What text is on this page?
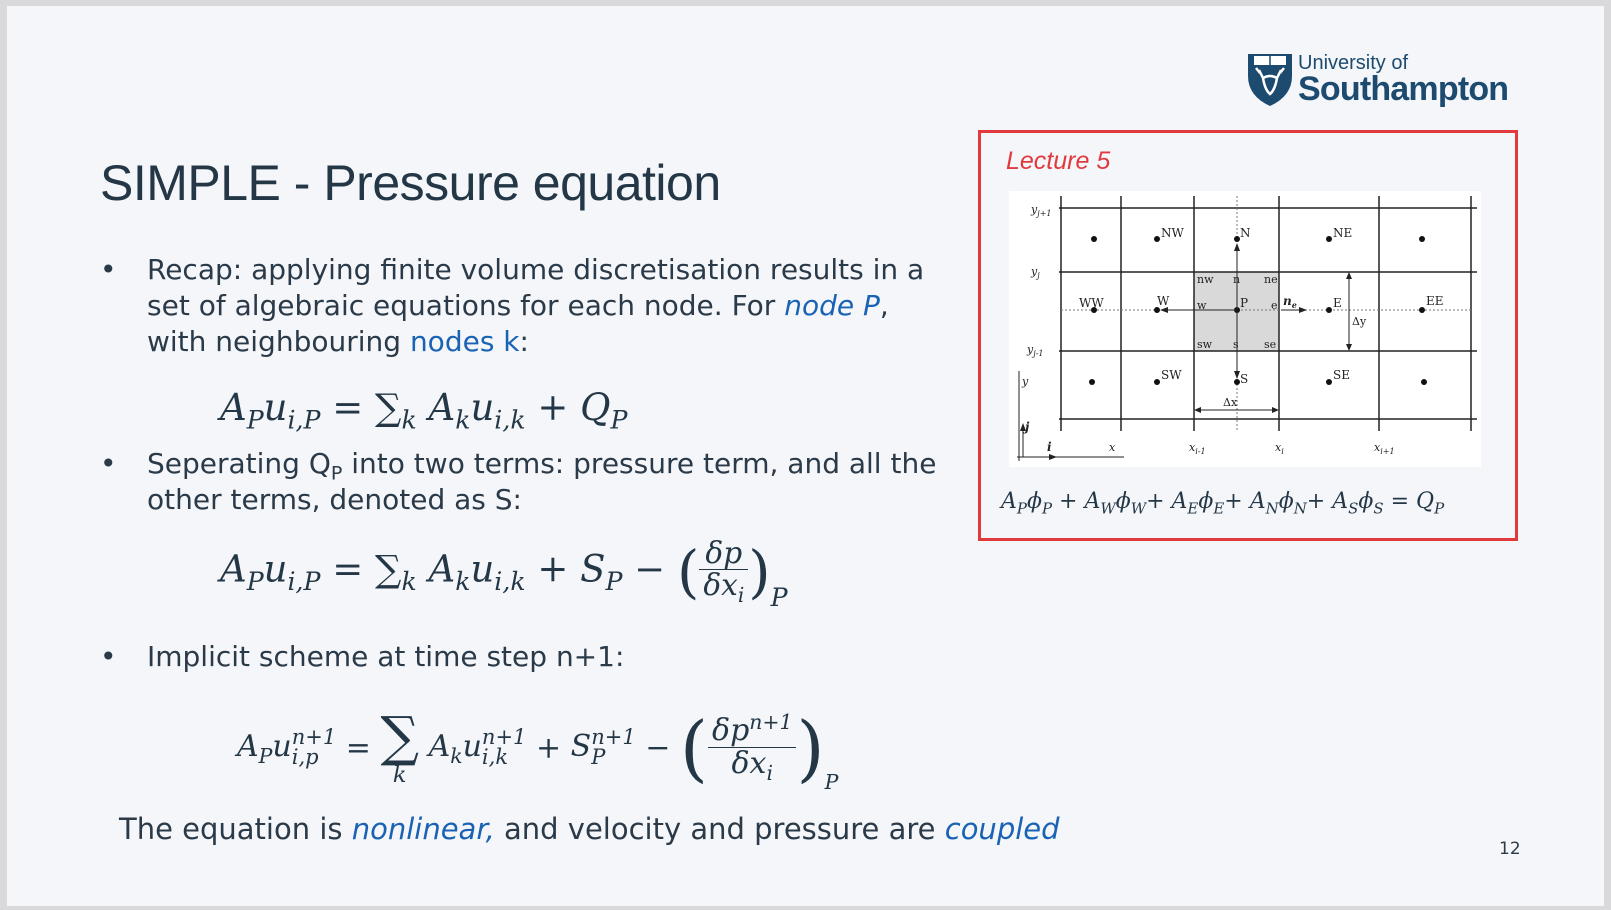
University of
Southampton
SIMPLE - Pressure equation
• Recap: applying finite volume discretisation results in a
set of algebraic equations for each node. For node P,
with neighbouring nodes k:
$A_Pu_{i,P} = \sum_k$ $A_ku_{i,k} + Q_P$
• Seperating $Q_P$ into two terms: pressure term, and all the
other terms, denoted as S:
$A_Pu_{i,P} = \sum_k$ $A_ku_{i,k} + S_P$ − ( $\frac{\delta p}{\delta x_i} )_P$
• Implicit scheme at time step n+1:
$A_Pu$ n+1
i,p = ∑
k
$A_ku$ n+1
i,k + S n+1
P	− ( $\frac{\delta p^{n+1}}{\delta x_i} )_P$
The equation is nonlinear, and velocity and pressure are coupled
12
Lecture 5
NW	N	NE
WW	W	P	E	EE
SW	S	SE
nw n ne
w	e
sw s se
$n_e$
Δx
Δy
$y_{j+1}$
$y_j$
$y_{j-1}$
y
j
i	x	$x_{i-1}$	$x_i$	$x_{i+1}$
$A_P\phi_P + A_W\phi_W+ A_E\phi_E+ A_N\phi_N+ A_S\phi_S = Q_P$
